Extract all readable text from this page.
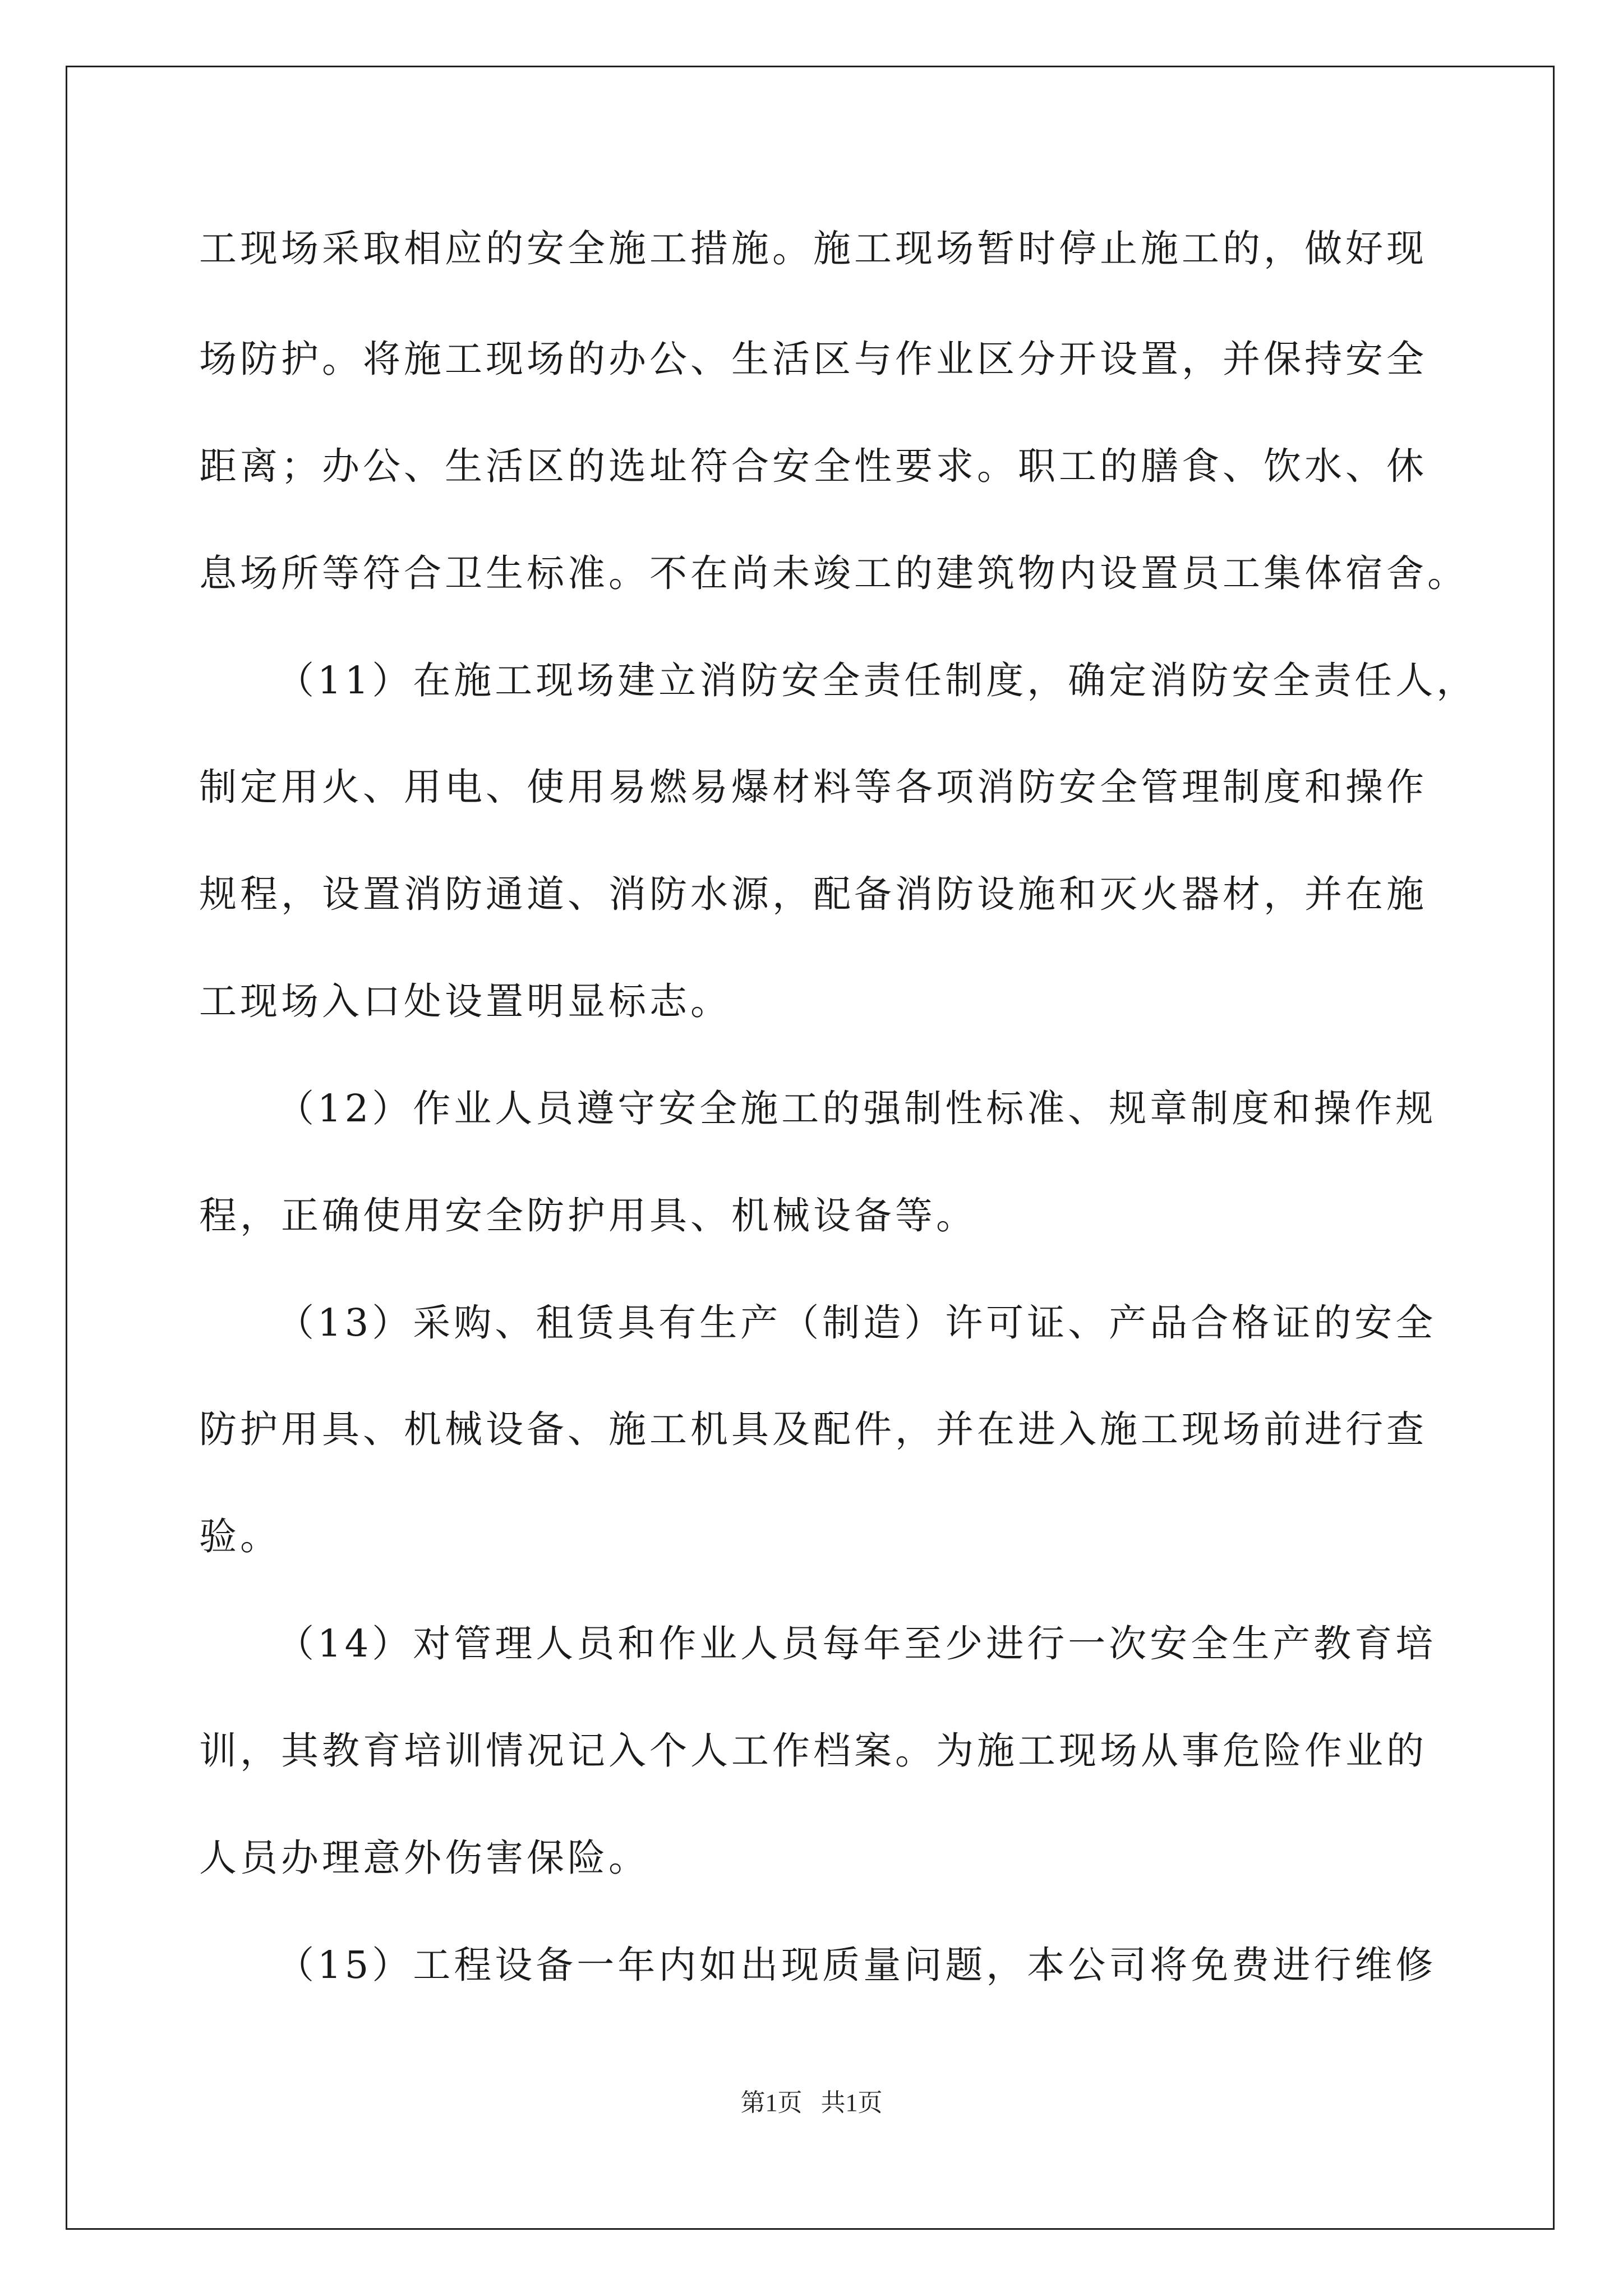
工现场采取相应的安全施工措施。施工现场暂时停止施工的，做好现
场防护。将施工现场的办公、生活区与作业区分开设置，并保持安全
距离；办公、生活区的选址符合安全性要求。职工的膳食、饮水、休
息场所等符合卫生标准。不在尚未竣工的建筑物内设置员工集体宿舍。
（11）在施工现场建立消防安全责任制度，确定消防安全责任人，
制定用火、用电、使用易燃易爆材料等各项消防安全管理制度和操作
规程，设置消防通道、消防水源，配备消防设施和灭火器材，并在施
工现场入口处设置明显标志。
（12）作业人员遵守安全施工的强制性标准、规章制度和操作规
程，正确使用安全防护用具、机械设备等。
（13）采购、租赁具有生产（制造）许可证、产品合格证的安全
防护用具、机械设备、施工机具及配件，并在进入施工现场前进行查
验。
（14）对管理人员和作业人员每年至少进行一次安全生产教育培
训，其教育培训情况记入个人工作档案。为施工现场从事危险作业的
人员办理意外伤害保险。
（15）工程设备一年内如出现质量问题，本公司将免费进行维修
第1页   共1页
